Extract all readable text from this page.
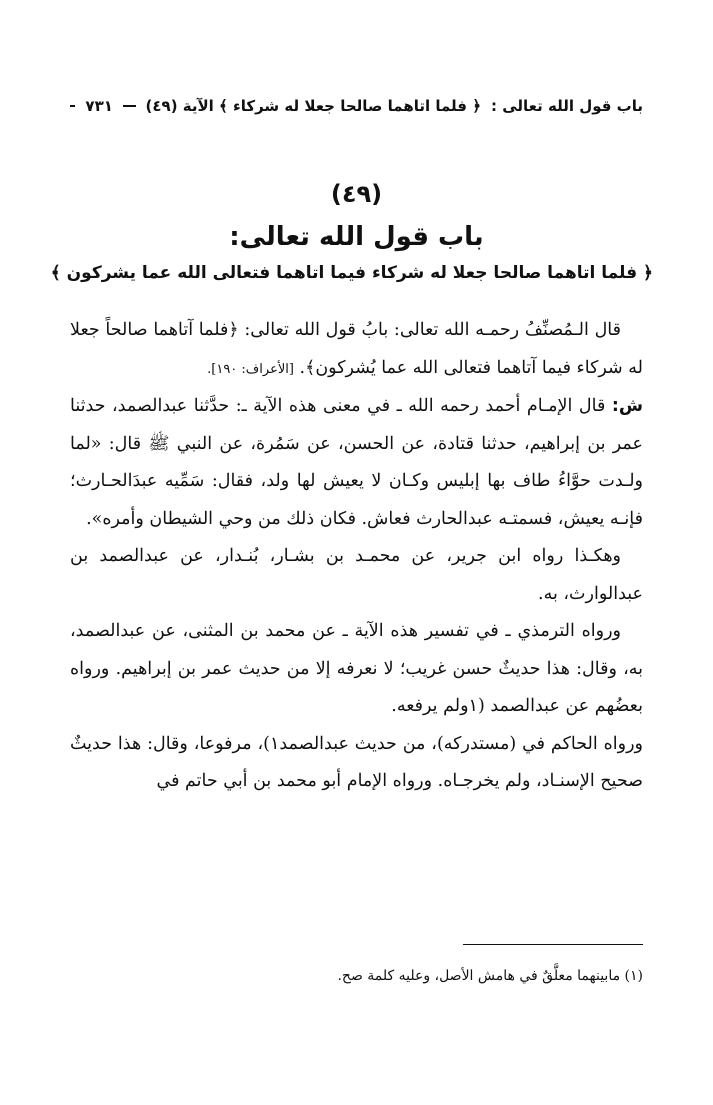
باب قول الله تعالى :
﴿ فلما اتاهما صالحا جعلا له شركاء ﴾ الآية (٤٩)
٧٣١
(٤٩)
باب قول الله تعالى:
﴿ فلما اتاهما صالحا جعلا له شركاء فيما اتاهما فتعالى الله عما يشركون ﴾

قال الـمُصنِّفُ رحمـه الله تعالى: بابُ قول الله تعالى: ﴿فلما آتاهما صالحاً جعلا له شركاء فيما آتاهما فتعالى الله عما يُشركون﴾. [الأعراف: ١٩٠].

ش: قال الإمـام أحمد رحمه الله ـ في معنى هذه الآية ـ: حدَّثنا عبدالصمد، حدثنا عمر بن إبراهيم، حدثنا قتادة، عن الحسن، عن سَمُرة، عن النبي ﷺ قال: «لما ولـدت حوَّاءُ طاف بها إبليس وكـان لا يعيش لها ولد، فقال: سَمِّيه عبدَالحـارث؛ فإنـه يعيش، فسمتـه عبدالحارث فعاش. فكان ذلك من وحي الشيطان وأمره».

وهكـذا رواه ابن جرير، عن محمـد بن بشـار، بُنـدار، عن عبدالصمد بن عبدالوارث، به.

ورواه الترمذي ـ في تفسير هذه الآية ـ عن محمد بن المثنى، عن عبدالصمد، به، وقال: هذا حديثٌ حسن غريب؛ لا نعرفه إلا من حديث عمر بن إبراهيم. ورواه بعضُهم عن عبدالصمد (١ولم يرفعه.

ورواه الحاكم في (مستدركه)، من حديث عبدالصمد١)، مرفوعا، وقال: هذا حديثٌ صحيح الإسنـاد، ولم يخرجـاه. ورواه الإمام أبو محمد بن أبي حاتم في

(١) مابينهما معلَّقٌ في هامش الأصل، وعليه كلمة صح.
